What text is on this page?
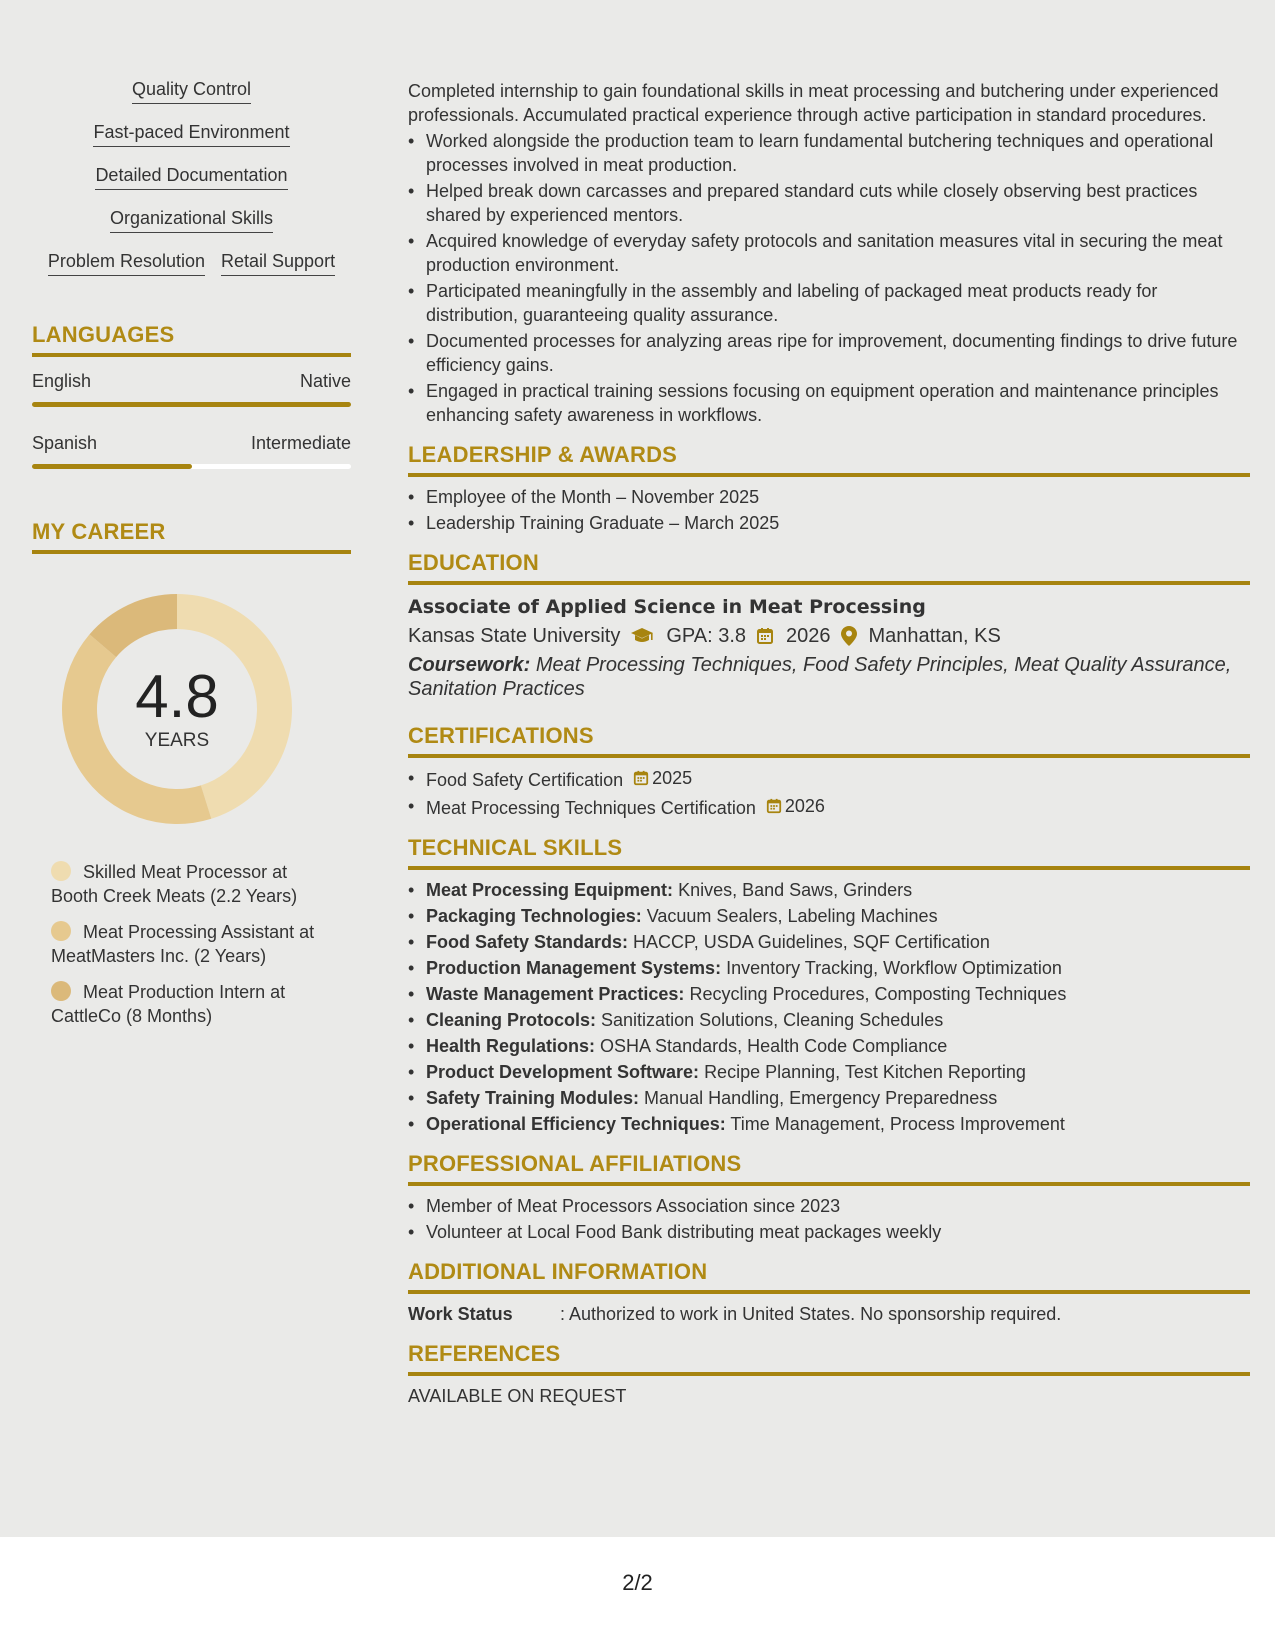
Quality Control
Fast-paced Environment
Detailed Documentation
Organizational Skills
Problem Resolution Retail Support
LANGUAGES
English	Native
Spanish	Intermediate
MY CAREER
4.8
YEARS
Skilled Meat Processor at Booth Creek Meats (2.2 Years)
Meat Processing Assistant at MeatMasters Inc. (2 Years)
Meat Production Intern at CattleCo (8 Months)
Completed internship to gain foundational skills in meat processing and butchering under experienced professionals. Accumulated practical experience through active participation in standard procedures.
• Worked alongside the production team to learn fundamental butchering techniques and operational processes involved in meat production.
• Helped break down carcasses and prepared standard cuts while closely observing best practices shared by experienced mentors.
• Acquired knowledge of everyday safety protocols and sanitation measures vital in securing the meat production environment.
• Participated meaningfully in the assembly and labeling of packaged meat products ready for distribution, guaranteeing quality assurance.
• Documented processes for analyzing areas ripe for improvement, documenting findings to drive future efficiency gains.
• Engaged in practical training sessions focusing on equipment operation and maintenance principles enhancing safety awareness in workflows.
LEADERSHIP & AWARDS
• Employee of the Month – November 2025
• Leadership Training Graduate – March 2025
EDUCATION
Associate of Applied Science in Meat Processing
Kansas State University GPA: 3.8 2026 Manhattan, KS
Coursework: Meat Processing Techniques, Food Safety Principles, Meat Quality Assurance, Sanitation Practices
CERTIFICATIONS
• Food Safety Certification 2025
• Meat Processing Techniques Certification 2026
TECHNICAL SKILLS
• Meat Processing Equipment: Knives, Band Saws, Grinders
• Packaging Technologies: Vacuum Sealers, Labeling Machines
• Food Safety Standards: HACCP, USDA Guidelines, SQF Certification
• Production Management Systems: Inventory Tracking, Workflow Optimization
• Waste Management Practices: Recycling Procedures, Composting Techniques
• Cleaning Protocols: Sanitization Solutions, Cleaning Schedules
• Health Regulations: OSHA Standards, Health Code Compliance
• Product Development Software: Recipe Planning, Test Kitchen Reporting
• Safety Training Modules: Manual Handling, Emergency Preparedness
• Operational Efficiency Techniques: Time Management, Process Improvement
PROFESSIONAL AFFILIATIONS
• Member of Meat Processors Association since 2023
• Volunteer at Local Food Bank distributing meat packages weekly
ADDITIONAL INFORMATION
Work Status	: Authorized to work in United States. No sponsorship required.
REFERENCES
AVAILABLE ON REQUEST
2/2
